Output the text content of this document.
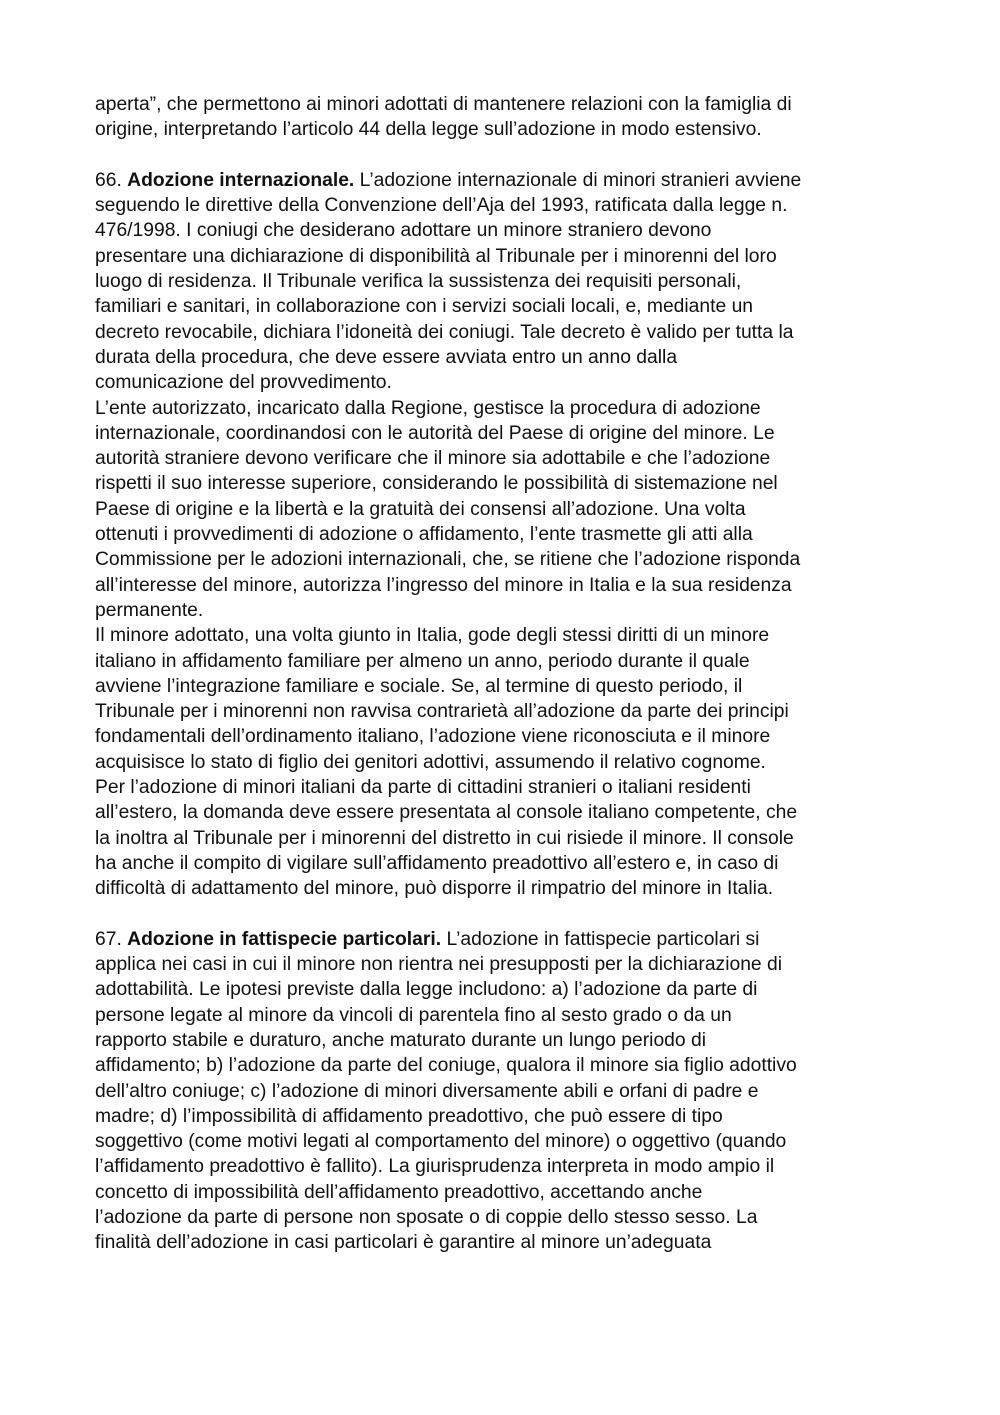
aperta”, che permettono ai minori adottati di mantenere relazioni con la famiglia di
origine, interpretando l’articolo 44 della legge sull’adozione in modo estensivo.
66. Adozione internazionale. L’adozione internazionale di minori stranieri avviene
seguendo le direttive della Convenzione dell’Aja del 1993, ratificata dalla legge n.
476/1998. I coniugi che desiderano adottare un minore straniero devono
presentare una dichiarazione di disponibilità al Tribunale per i minorenni del loro
luogo di residenza. Il Tribunale verifica la sussistenza dei requisiti personali,
familiari e sanitari, in collaborazione con i servizi sociali locali, e, mediante un
decreto revocabile, dichiara l’idoneità dei coniugi. Tale decreto è valido per tutta la
durata della procedura, che deve essere avviata entro un anno dalla
comunicazione del provvedimento.
L’ente autorizzato, incaricato dalla Regione, gestisce la procedura di adozione
internazionale, coordinandosi con le autorità del Paese di origine del minore. Le
autorità straniere devono verificare che il minore sia adottabile e che l’adozione
rispetti il suo interesse superiore, considerando le possibilità di sistemazione nel
Paese di origine e la libertà e la gratuità dei consensi all’adozione. Una volta
ottenuti i provvedimenti di adozione o affidamento, l’ente trasmette gli atti alla
Commissione per le adozioni internazionali, che, se ritiene che l’adozione risponda
all’interesse del minore, autorizza l’ingresso del minore in Italia e la sua residenza
permanente.
Il minore adottato, una volta giunto in Italia, gode degli stessi diritti di un minore
italiano in affidamento familiare per almeno un anno, periodo durante il quale
avviene l’integrazione familiare e sociale. Se, al termine di questo periodo, il
Tribunale per i minorenni non ravvisa contrarietà all’adozione da parte dei principi
fondamentali dell’ordinamento italiano, l’adozione viene riconosciuta e il minore
acquisisce lo stato di figlio dei genitori adottivi, assumendo il relativo cognome.
Per l’adozione di minori italiani da parte di cittadini stranieri o italiani residenti
all’estero, la domanda deve essere presentata al console italiano competente, che
la inoltra al Tribunale per i minorenni del distretto in cui risiede il minore. Il console
ha anche il compito di vigilare sull’affidamento preadottivo all’estero e, in caso di
difficoltà di adattamento del minore, può disporre il rimpatrio del minore in Italia.
67. Adozione in fattispecie particolari. L’adozione in fattispecie particolari si
applica nei casi in cui il minore non rientra nei presupposti per la dichiarazione di
adottabilità. Le ipotesi previste dalla legge includono: a) l’adozione da parte di
persone legate al minore da vincoli di parentela fino al sesto grado o da un
rapporto stabile e duraturo, anche maturato durante un lungo periodo di
affidamento; b) l’adozione da parte del coniuge, qualora il minore sia figlio adottivo
dell’altro coniuge; c) l’adozione di minori diversamente abili e orfani di padre e
madre; d) l’impossibilità di affidamento preadottivo, che può essere di tipo
soggettivo (come motivi legati al comportamento del minore) o oggettivo (quando
l’affidamento preadottivo è fallito). La giurisprudenza interpreta in modo ampio il
concetto di impossibilità dell’affidamento preadottivo, accettando anche
l’adozione da parte di persone non sposate o di coppie dello stesso sesso. La
finalità dell’adozione in casi particolari è garantire al minore un’adeguata
